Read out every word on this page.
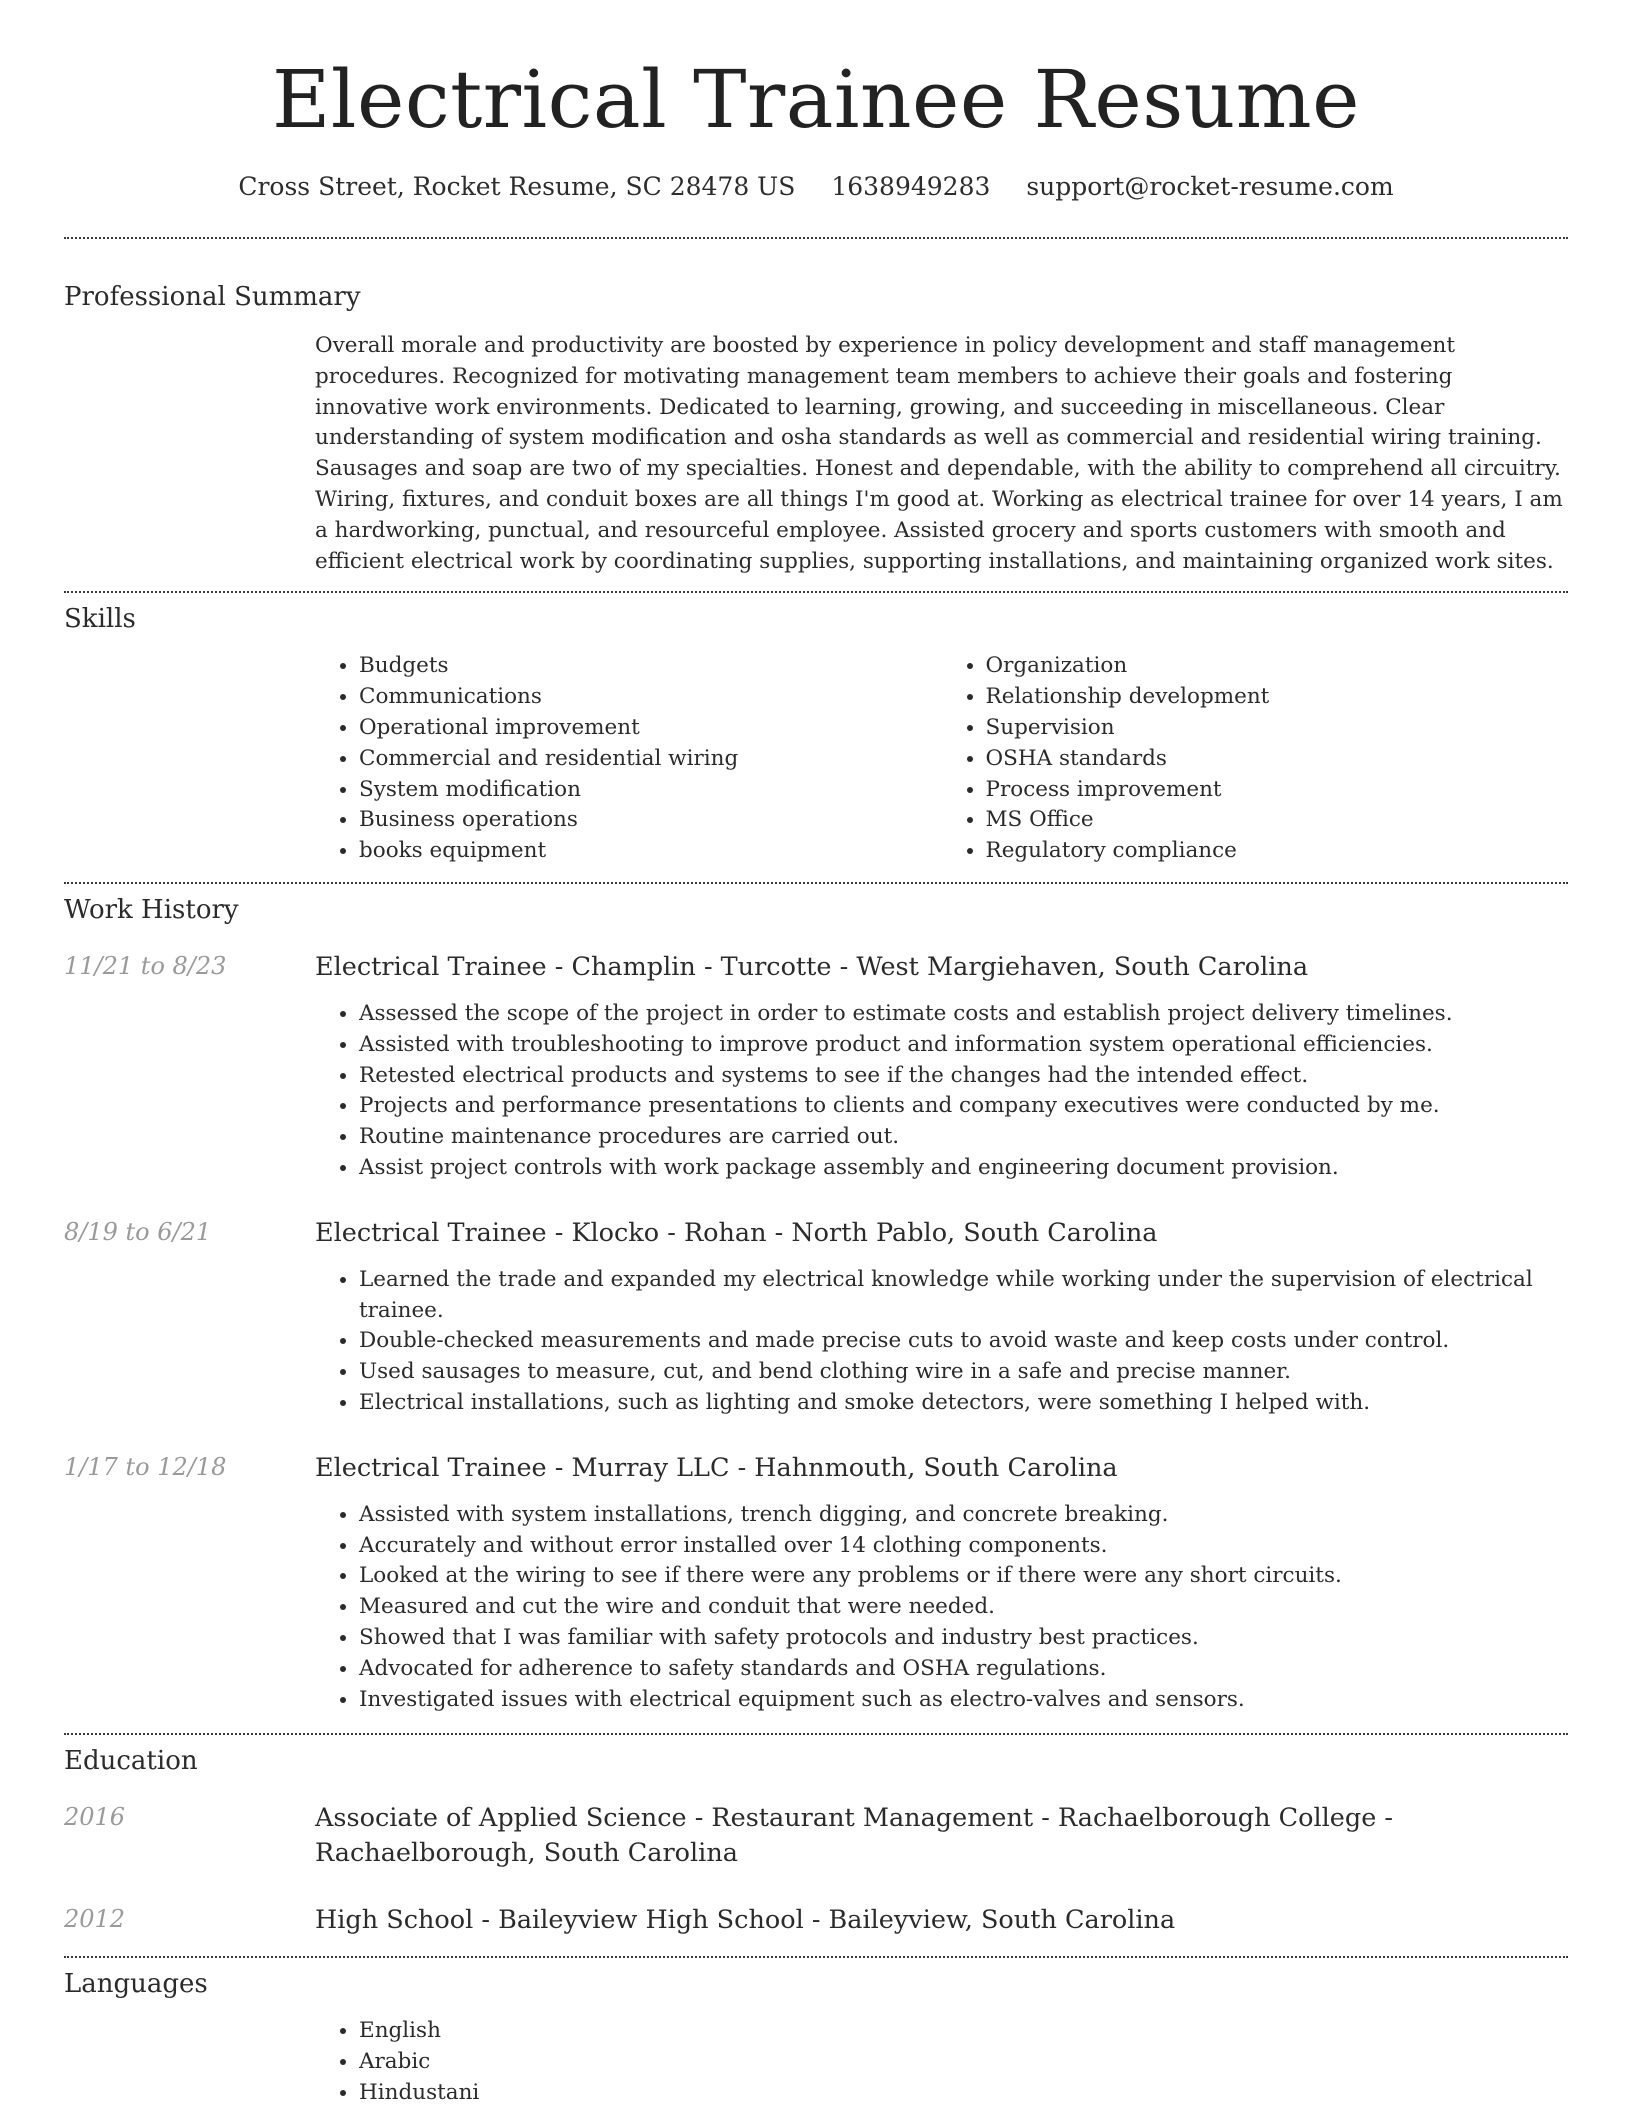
Electrical Trainee Resume
Cross Street, Rocket Resume, SC 28478 US 1638949283 support@rocket-resume.com
Professional Summary

Overall morale and productivity are boosted by experience in policy development and staff management procedures. Recognized for motivating management team members to achieve their goals and fostering innovative work environments. Dedicated to learning, growing, and succeeding in miscellaneous. Clear understanding of system modification and osha standards as well as commercial and residential wiring training. Sausages and soap are two of my specialties. Honest and dependable, with the ability to comprehend all circuitry. Wiring, fixtures, and conduit boxes are all things I'm good at. Working as electrical trainee for over 14 years, I am a hardworking, punctual, and resourceful employee. Assisted grocery and sports customers with smooth and efficient electrical work by coordinating supplies, supporting installations, and maintaining organized work sites.

Skills
• Budgets
• Communications
• Operational improvement
• Commercial and residential wiring
• System modification
• Business operations
• books equipment
• Organization
• Relationship development
• Supervision
• OSHA standards
• Process improvement
• MS Office
• Regulatory compliance
Work History
11/21 to 8/23	Electrical Trainee - Champlin - Turcotte - West Margiehaven, South Carolina
• Assessed the scope of the project in order to estimate costs and establish project delivery timelines.
• Assisted with troubleshooting to improve product and information system operational efficiencies.
• Retested electrical products and systems to see if the changes had the intended effect.
• Projects and performance presentations to clients and company executives were conducted by me.
• Routine maintenance procedures are carried out.
• Assist project controls with work package assembly and engineering document provision.
8/19 to 6/21	Electrical Trainee - Klocko - Rohan - North Pablo, South Carolina
• Learned the trade and expanded my electrical knowledge while working under the supervision of electrical trainee.
• Double-checked measurements and made precise cuts to avoid waste and keep costs under control.
• Used sausages to measure, cut, and bend clothing wire in a safe and precise manner.
• Electrical installations, such as lighting and smoke detectors, were something I helped with.
1/17 to 12/18	Electrical Trainee - Murray LLC - Hahnmouth, South Carolina
• Assisted with system installations, trench digging, and concrete breaking.
• Accurately and without error installed over 14 clothing components.
• Looked at the wiring to see if there were any problems or if there were any short circuits.
• Measured and cut the wire and conduit that were needed.
• Showed that I was familiar with safety protocols and industry best practices.
• Advocated for adherence to safety standards and OSHA regulations.
• Investigated issues with electrical equipment such as electro-valves and sensors.
Education
2016	Associate of Applied Science - Restaurant Management - Rachaelborough College - Rachaelborough, South Carolina
2012	High School - Baileyview High School - Baileyview, South Carolina
Languages
• English
• Arabic
• Hindustani
